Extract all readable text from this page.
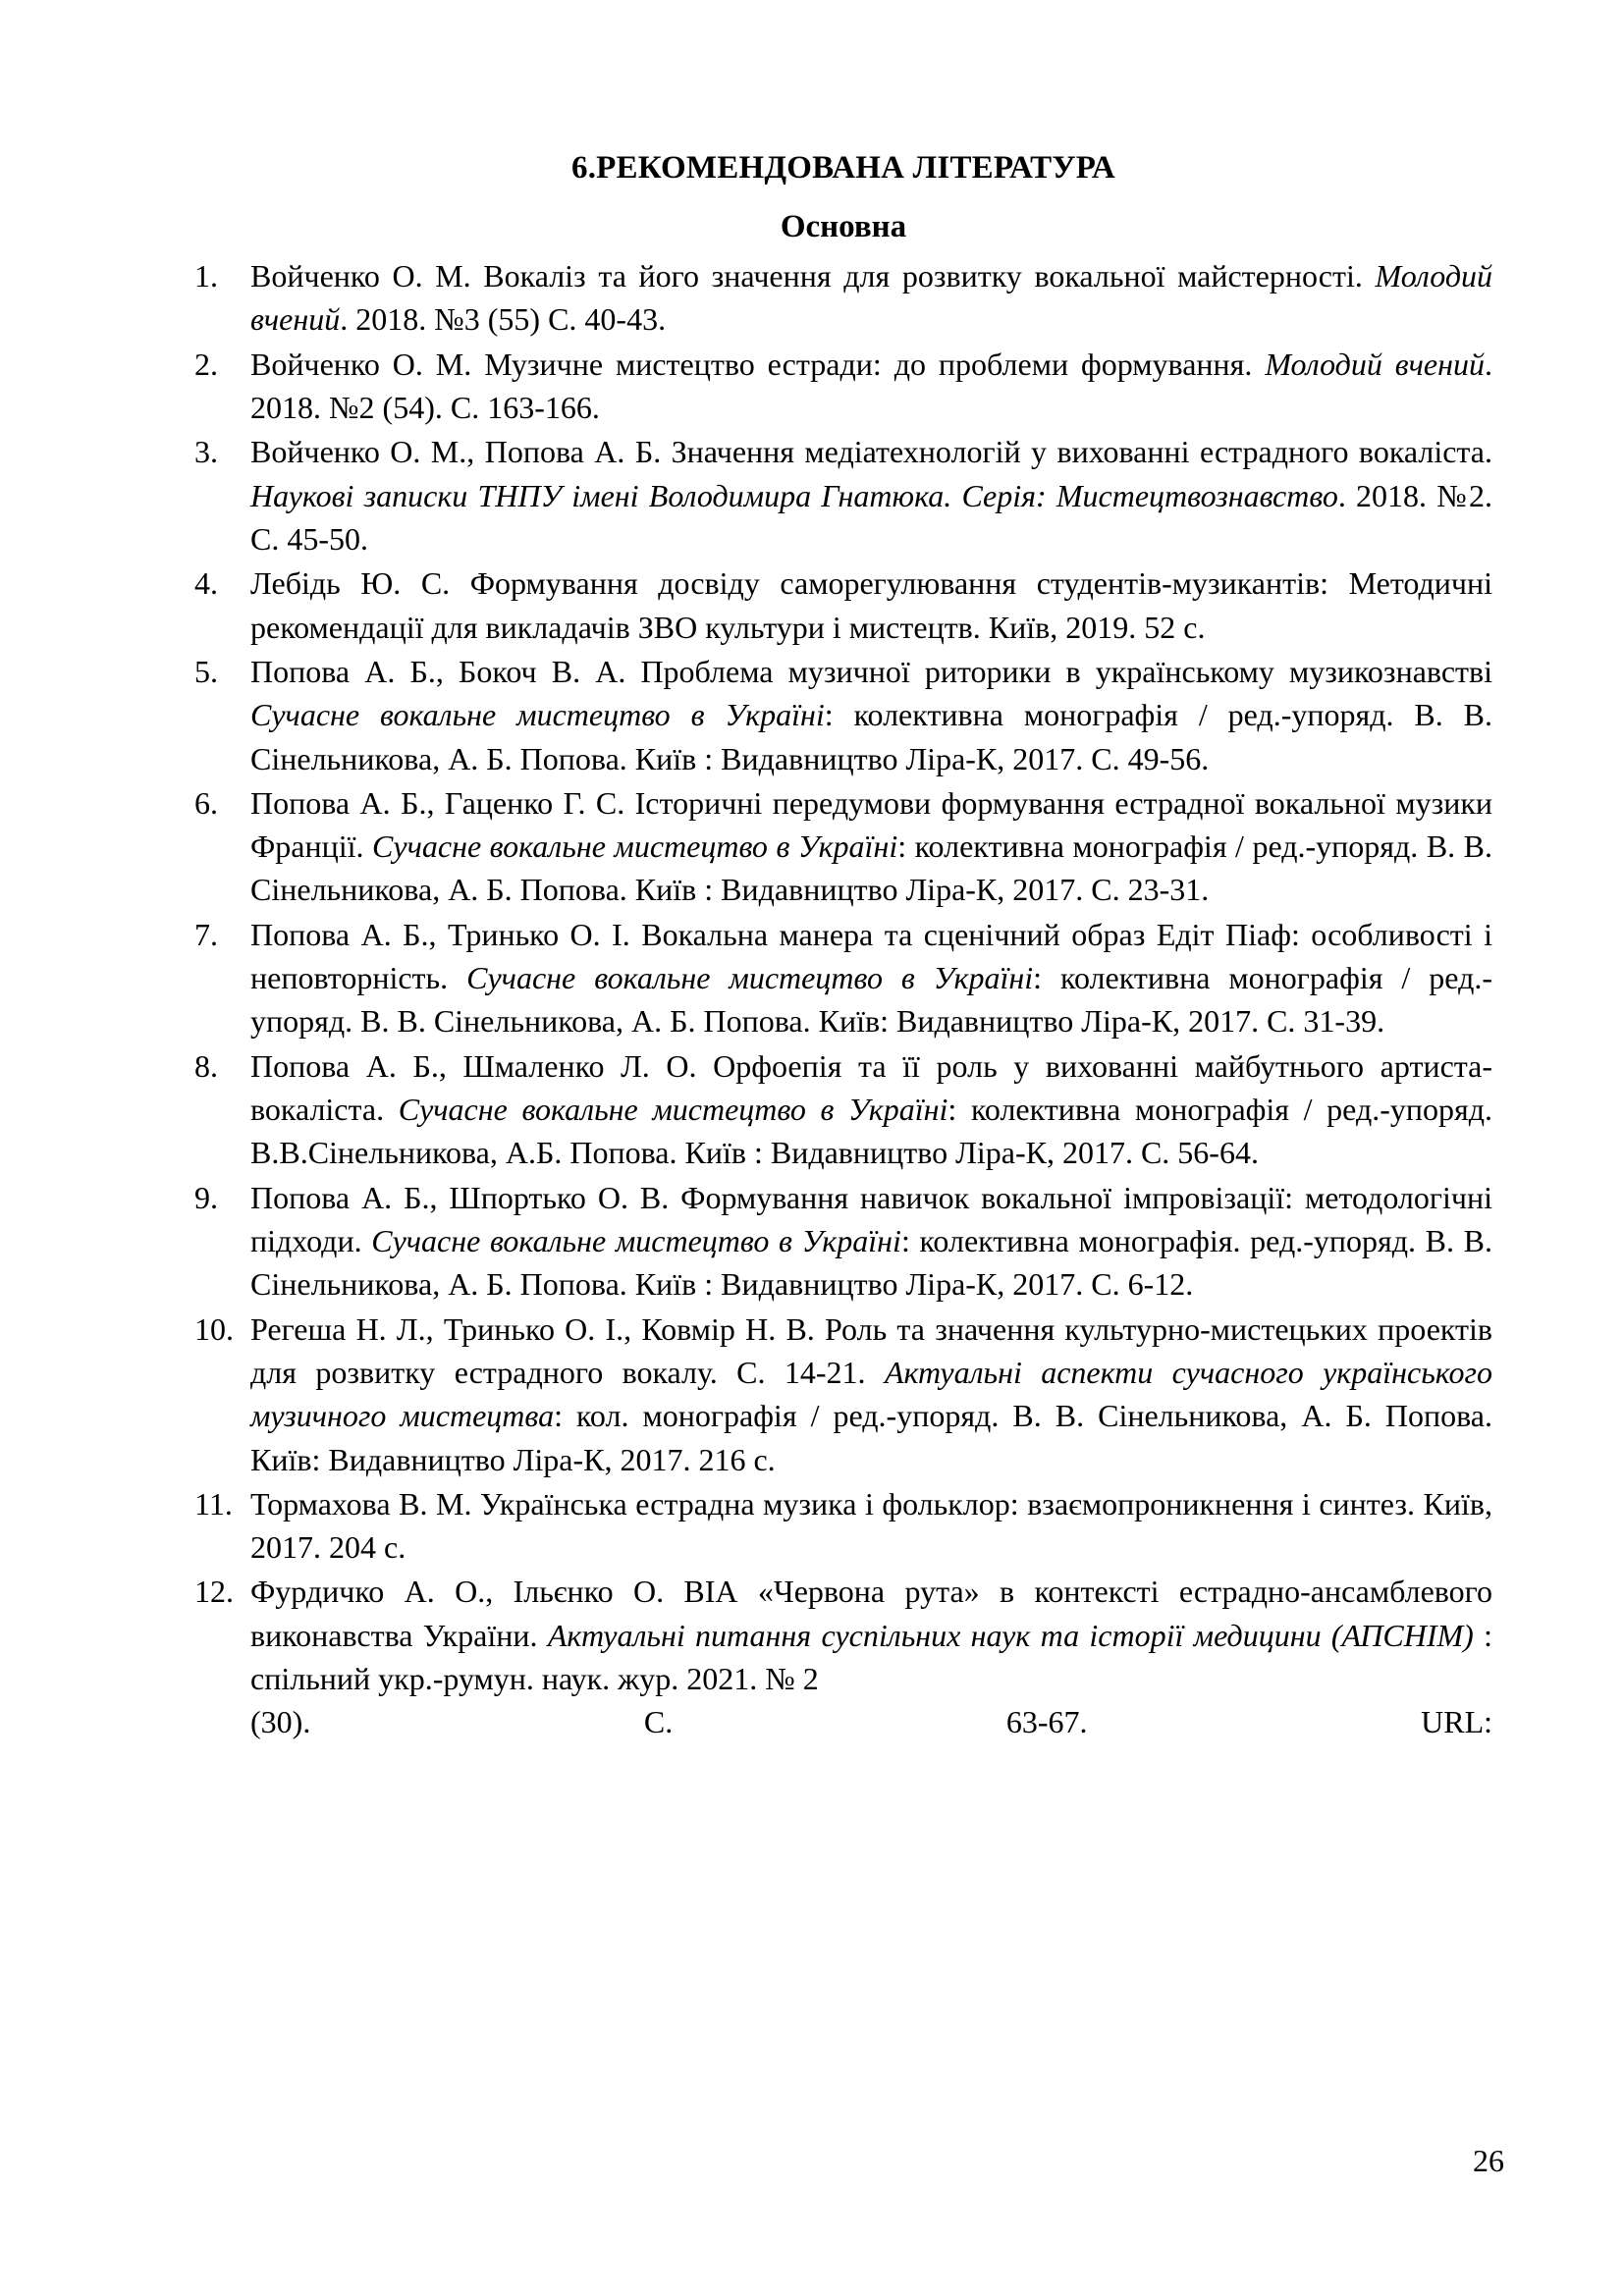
6.РЕКОМЕНДОВАНА ЛІТЕРАТУРА
Основна
Войченко О. М. Вокаліз та його значення для розвитку вокальної майстерності. Молодий вчений. 2018. №3 (55) С. 40-43.
Войченко О. М. Музичне мистецтво естради: до проблеми формування. Молодий вчений. 2018. №2 (54). С. 163-166.
Войченко О. М., Попова А. Б. Значення медіатехнологій у вихованні естрадного вокаліста. Наукові записки ТНПУ імені Володимира Гнатюка. Серія: Мистецтвознавство. 2018. №2. С. 45-50.
Лебідь Ю. С. Формування досвіду саморегулювання студентів-музикантів: Методичні рекомендації для викладачів ЗВО культури і мистецтв. Київ, 2019. 52 с.
Попова А. Б., Бокоч В. А. Проблема музичної риторики в українському музикознавстві Сучасне вокальне мистецтво в Україні: колективна монографія / ред.-упоряд. В. В. Сінельникова, А. Б. Попова. Київ : Видавництво Ліра-К, 2017. С. 49-56.
Попова А. Б., Гаценко Г. С. Історичні передумови формування естрадної вокальної музики Франції. Сучасне вокальне мистецтво в Україні: колективна монографія / ред.-упоряд. В. В. Сінельникова, А. Б. Попова. Київ : Видавництво Ліра-К, 2017. С. 23-31.
Попова А. Б., Тринько О. І. Вокальна манера та сценічний образ Едіт Піаф: особливості і неповторність. Сучасне вокальне мистецтво в Україні: колективна монографія / ред.-упоряд. В. В. Сінельникова, А. Б. Попова. Київ: Видавництво Ліра-К, 2017. С. 31-39.
Попова А. Б., Шмаленко Л. О. Орфоепія та її роль у вихованні майбутнього артиста-вокаліста. Сучасне вокальне мистецтво в Україні: колективна монографія / ред.-упоряд. В.В.Сінельникова, А.Б. Попова. Київ : Видавництво Ліра-К, 2017. С. 56-64.
Попова А. Б., Шпортько О. В. Формування навичок вокальної імпровізації: методологічні підходи. Сучасне вокальне мистецтво в Україні: колективна монографія. ред.-упоряд. В. В. Сінельникова, А. Б. Попова. Київ : Видавництво Ліра-К, 2017. С. 6-12.
Регеша Н. Л., Тринько О. І., Ковмір Н. В. Роль та значення культурно-мистецьких проектів для розвитку естрадного вокалу. С. 14-21. Актуальні аспекти сучасного українського музичного мистецтва: кол. монографія / ред.-упоряд. В. В. Сінельникова, А. Б. Попова. Київ: Видавництво Ліра-К, 2017. 216 с.
Тормахова В. М. Українська естрадна музика і фольклор: взаємопроникнення і синтез. Київ, 2017. 204 с.
Фурдичко А. О., Ільєнко О. ВІА «Червона рута» в контексті естрадно-ансамблевого виконавства України. Актуальні питання суспільних наук та історії медицини (АПСНІМ) : спільний укр.-румун. наук. жур. 2021. № 2
(30). С. 63-67. URL:
26
